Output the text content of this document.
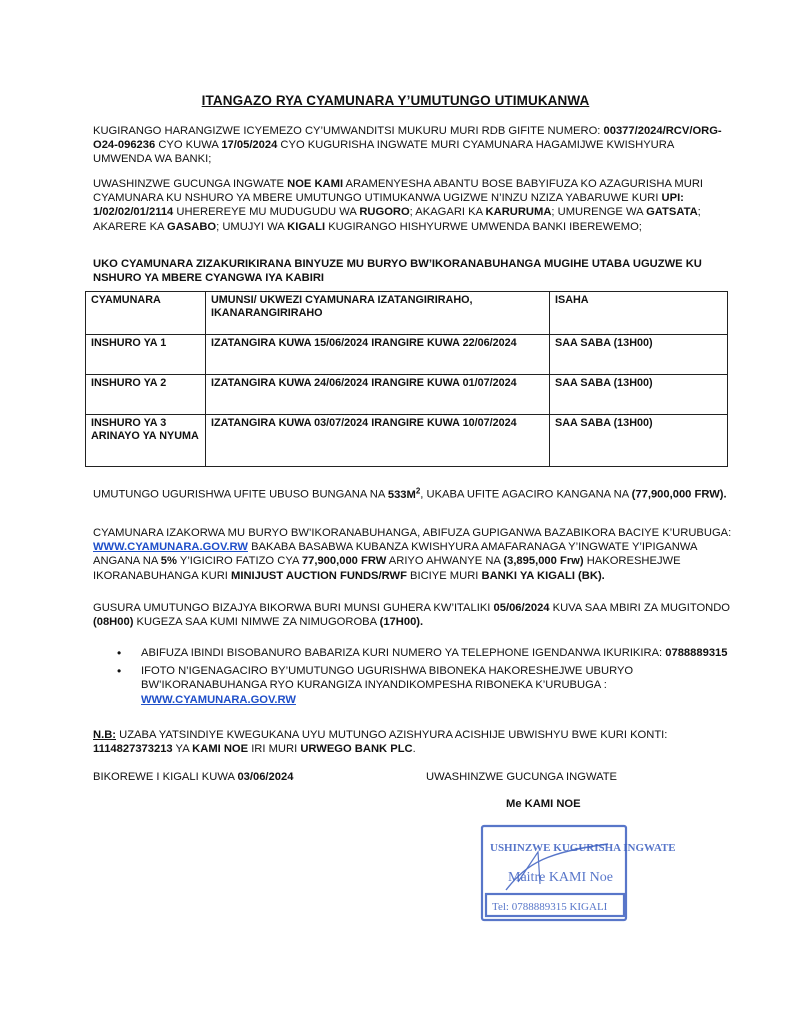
ITANGAZO RYA CYAMUNARA Y’UMUTUNGO UTIMUKANWA

KUGIRANGO HARANGIZWE ICYEMEZO CY’UMWANDITSI MUKURU MURI RDB GIFITE NUMERO: 00377/2024/RCV/ORG-O24-096236 CYO KUWA 17/05/2024 CYO KUGURISHA INGWATE MURI CYAMUNARA HAGAMIJWE KWISHYURA UMWENDA WA BANKI;

UWASHINZWE GUCUNGA INGWATE NOE KAMI ARAMENYESHA ABANTU BOSE BABYIFUZA KO AZAGURISHA MURI CYAMUNARA KU NSHURO YA MBERE UMUTUNGO UTIMUKANWA UGIZWE N’INZU NZIZA YABARUWE KURI UPI: 1/02/02/01/2114 UHEREREYE MU MUDUGUDU WA RUGORO; AKAGARI KA KARURUMA; UMURENGE WA GATSATA; AKARERE KA GASABO; UMUJYI WA KIGALI KUGIRANGO HISHYURWE UMWENDA BANKI IBEREWEMO;

UKO CYAMUNARA ZIZAKURIKIRANA BINYUZE MU BURYO BW’IKORANABUHANGA MUGIHE UTABA UGUZWE KU NSHURO YA MBERE CYANGWA IYA KABIRI

CYAMUNARA	UMUNSI/ UKWEZI CYAMUNARA IZATANGIRIRAHO, IKANARANGIRIRAHO	ISAHA
INSHURO YA 1	IZATANGIRA KUWA 15/06/2024 IRANGIRE KUWA 22/06/2024	SAA SABA (13H00)
INSHURO YA 2	IZATANGIRA KUWA 24/06/2024 IRANGIRE KUWA 01/07/2024	SAA SABA (13H00)
INSHURO YA 3 ARINAYO YA NYUMA	IZATANGIRA KUWA 03/07/2024 IRANGIRE KUWA 10/07/2024	SAA SABA (13H00)

UMUTUNGO UGURISHWA UFITE UBUSO BUNGANA NA $533M^2$, UKABA UFITE AGACIRO KANGANA NA (77,900,000 FRW).

CYAMUNARA IZAKORWA MU BURYO BW’IKORANABUHANGA, ABIFUZA GUPIGANWA BAZABIKORA BACIYE K’URUBUGA: WWW.CYAMUNARA.GOV.RW BAKABA BASABWA KUBANZA KWISHYURA AMAFARANAGA Y’INGWATE Y’IPIGANWA ANGANA NA 5% Y’IGICIRO FATIZO CYA 77,900,000 FRW ARIYO AHWANYE NA (3,895,000 Frw) HAKORESHEJWE IKORANABUHANGA KURI MINIJUST AUCTION FUNDS/RWF BICIYE MURI BANKI YA KIGALI (BK).

GUSURA UMUTUNGO BIZAJYA BIKORWA BURI MUNSI GUHERA KW’ITALIKI 05/06/2024 KUVA SAA MBIRI ZA MUGITONDO (08H00) KUGEZA SAA KUMI NIMWE ZA NIMUGOROBA (17H00).

• ABIFUZA IBINDI BISOBANURO BABARIZA KURI NUMERO YA TELEPHONE IGENDANWA IKURIKIRA: 0788889315
• IFOTO N’IGENAGACIRO BY’UMUTUNGO UGURISHWA BIBONEKA HAKORESHEJWE UBURYO BW’IKORANABUHANGA RYO KURANGIZA INYANDIKOMPESHA RIBONEKA K’URUBUGA : WWW.CYAMUNARA.GOV.RW

N.B: UZABA YATSINDIYE KWEGUKANA UYU MUTUNGO AZISHYURA ACISHIJE UBWISHYU BWE KURI KONTI: 1114827373213 YA KAMI NOE IRI MURI URWEGO BANK PLC.

BIKOREWE I KIGALI KUWA 03/06/2024	UWASHINZWE GUCUNGA INGWATE

Me KAMI NOE

USHINZWE KUGURISHA INGWATE
Maitre KAMI Noe
Tel: 0788889315 KIGALI
